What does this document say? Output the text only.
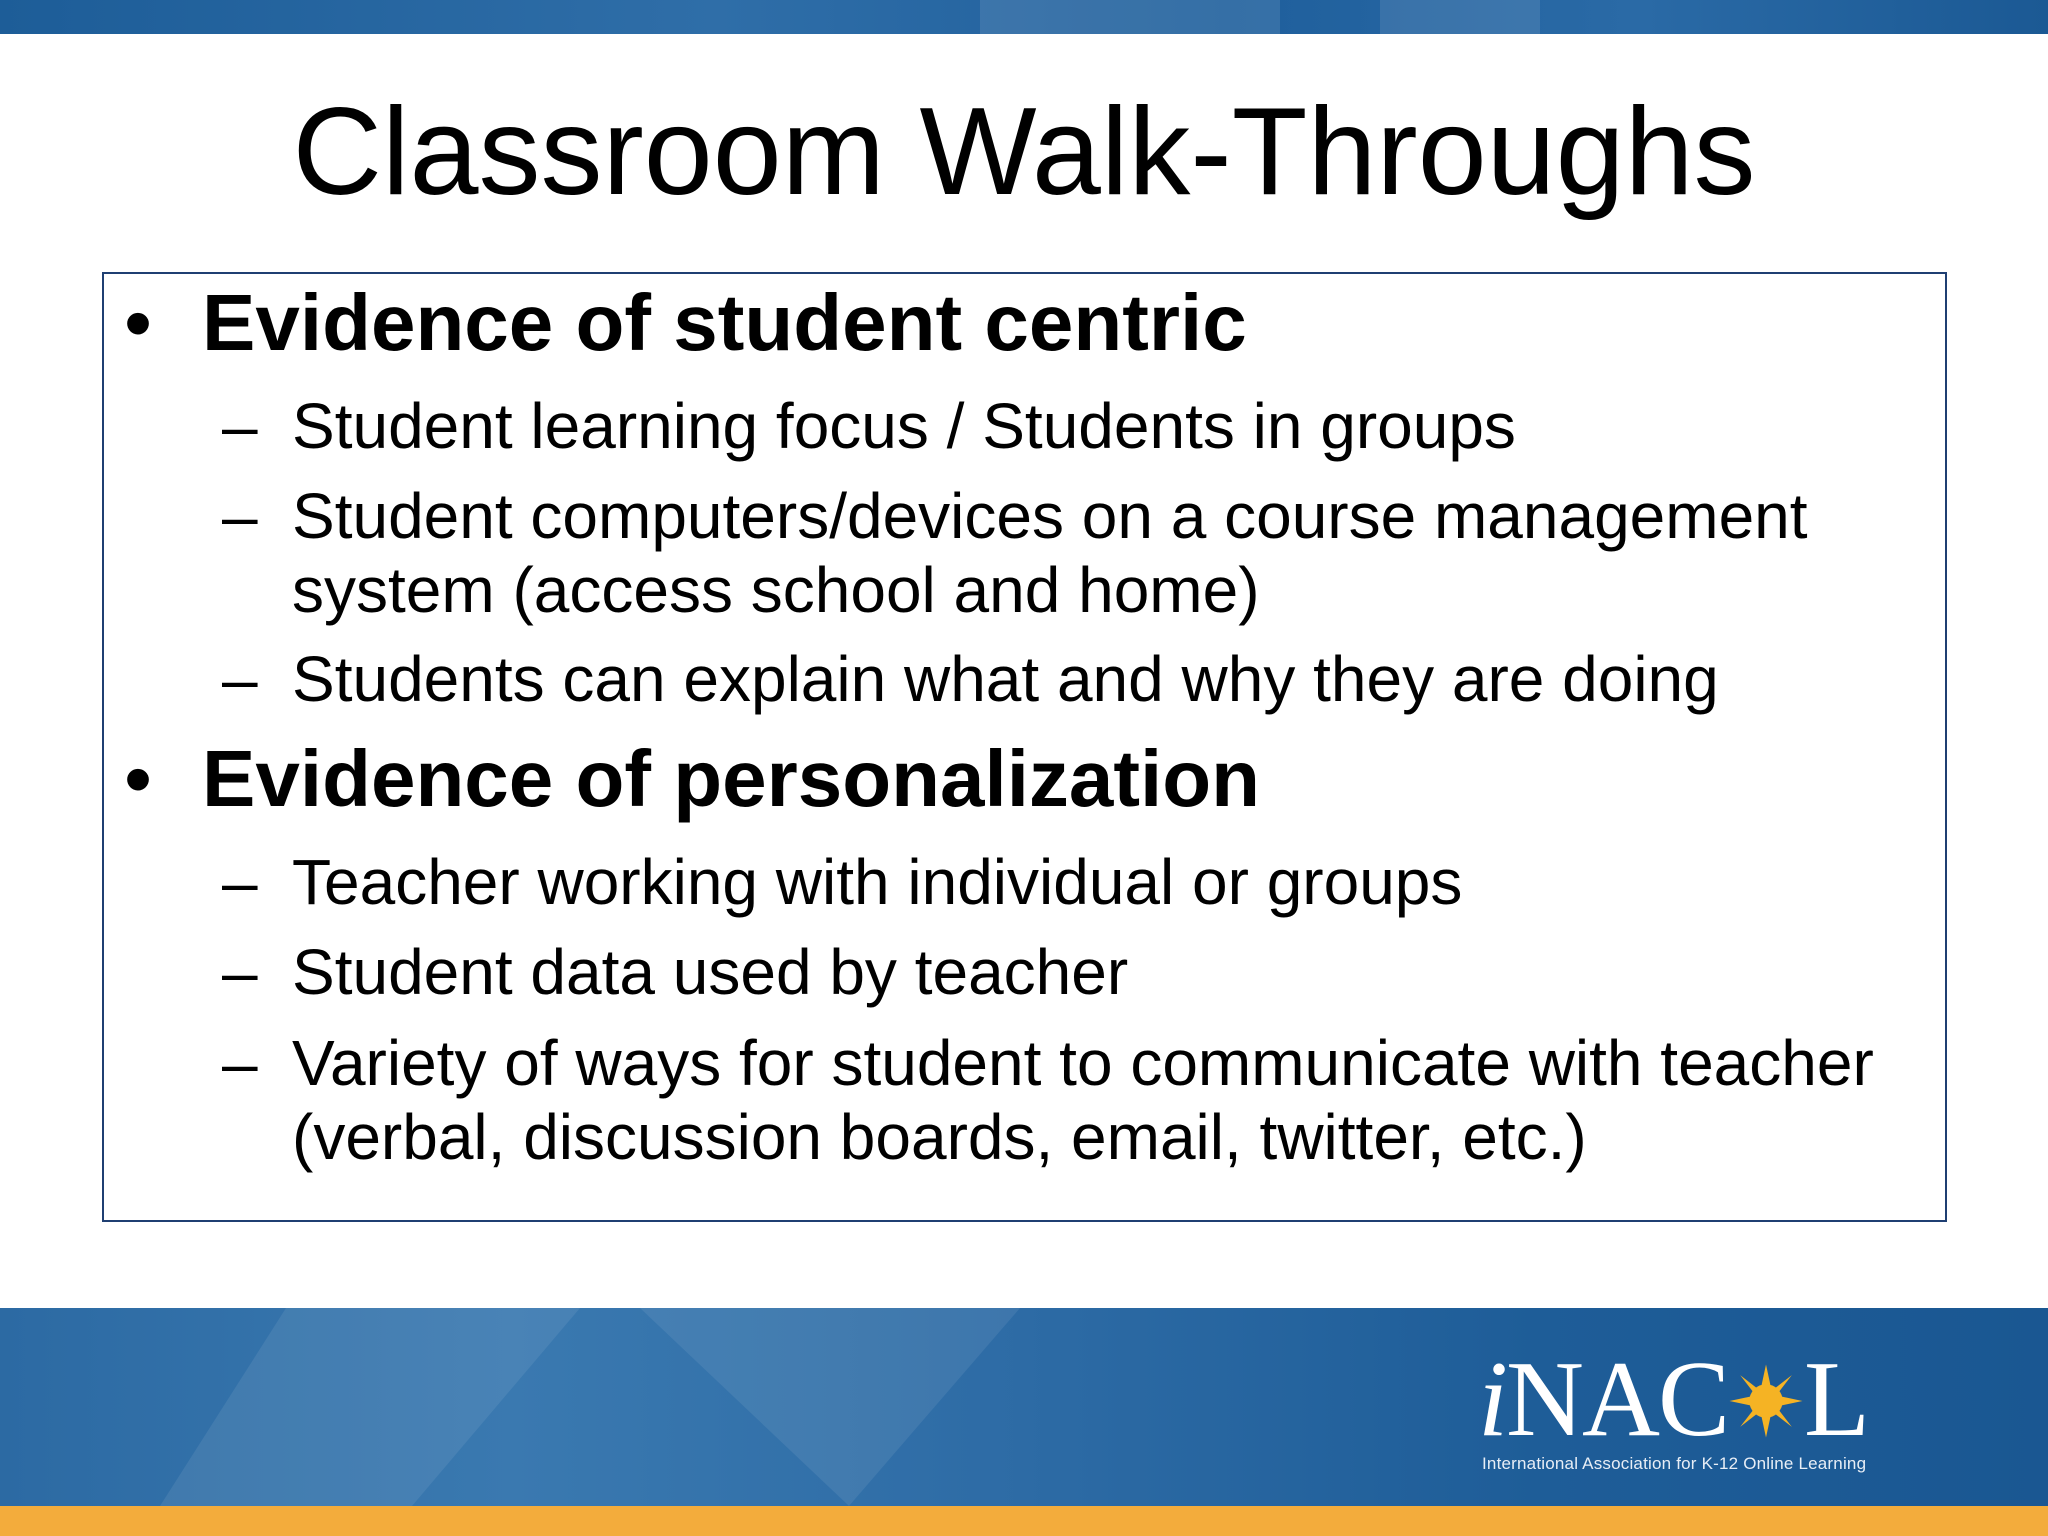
Classroom Walk-Throughs
• Evidence of student centric
– Student learning focus / Students in groups
– Student computers/devices on a course management system (access school and home)
– Students can explain what and why they are doing
• Evidence of personalization
– Teacher working with individual or groups
– Student data used by teacher
– Variety of ways for student to communicate with teacher (verbal, discussion boards, email, twitter, etc.)
iNAC L
International Association for K-12 Online Learning
